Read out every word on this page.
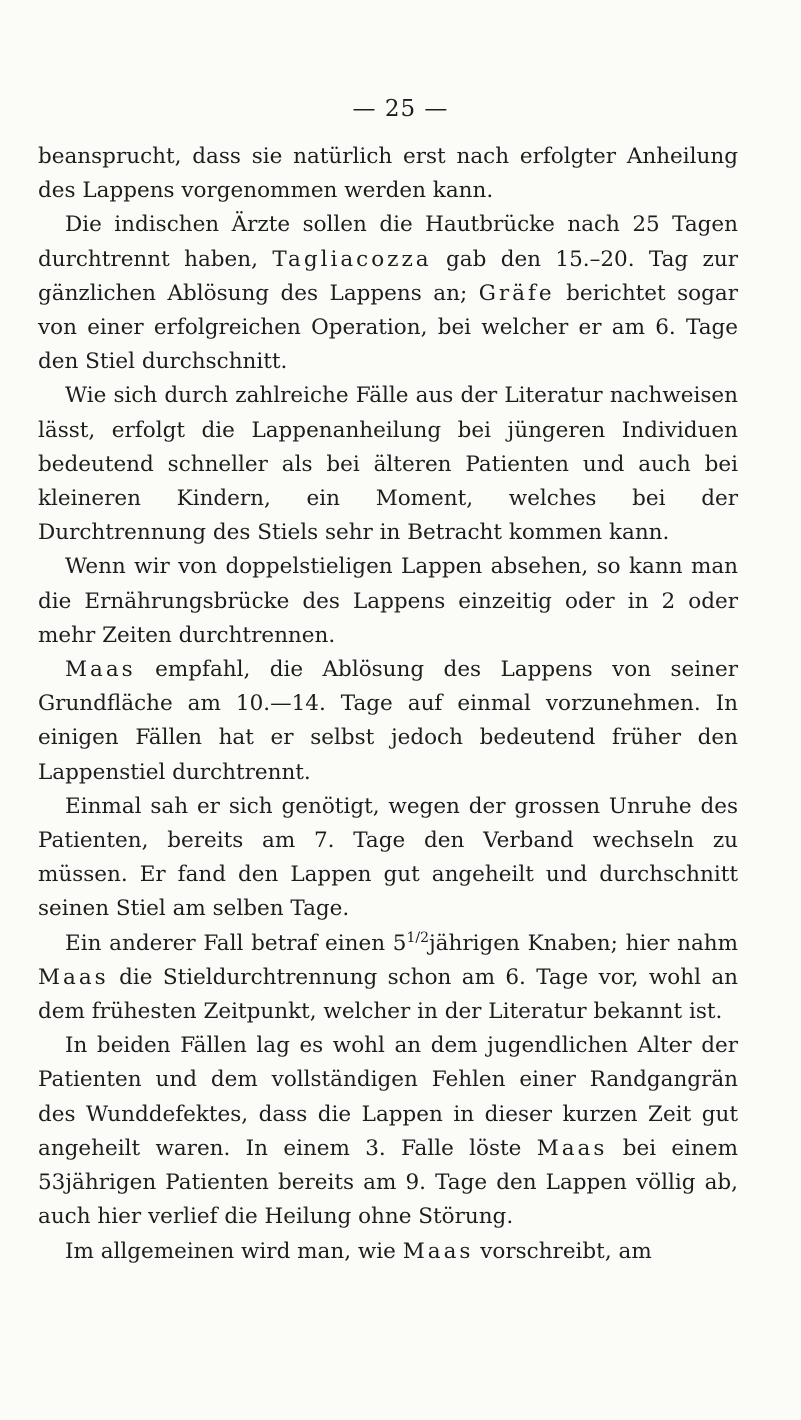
— 25 —

beansprucht, dass sie natürlich erst nach erfolgter Anheilung des Lappens vorgenommen werden kann.

Die indischen Ärzte sollen die Hautbrücke nach 25 Tagen durchtrennt haben, Tagliacozza gab den 15.–20. Tag zur gänzlichen Ablösung des Lappens an; Gräfe berichtet sogar von einer erfolgreichen Operation, bei welcher er am 6. Tage den Stiel durchschnitt.

Wie sich durch zahlreiche Fälle aus der Literatur nachweisen lässt, erfolgt die Lappenanheilung bei jüngeren Individuen bedeutend schneller als bei älteren Patienten und auch bei kleineren Kindern, ein Moment, welches bei der Durchtrennung des Stiels sehr in Betracht kommen kann.

Wenn wir von doppelstieligen Lappen absehen, so kann man die Ernährungsbrücke des Lappens einzeitig oder in 2 oder mehr Zeiten durchtrennen.

Maas empfahl, die Ablösung des Lappens von seiner Grundfläche am 10.—14. Tage auf einmal vorzunehmen. In einigen Fällen hat er selbst jedoch bedeutend früher den Lappenstiel durchtrennt.

Einmal sah er sich genötigt, wegen der grossen Unruhe des Patienten, bereits am 7. Tage den Verband wechseln zu müssen. Er fand den Lappen gut angeheilt und durchschnitt seinen Stiel am selben Tage.

Ein anderer Fall betraf einen $5^{1/2}jährigen$ Knaben; hier nahm Maas die Stieldurchtrennung schon am 6. Tage vor, wohl an dem frühesten Zeitpunkt, welcher in der Literatur bekannt ist.

In beiden Fällen lag es wohl an dem jugendlichen Alter der Patienten und dem vollständigen Fehlen einer Randgangrän des Wunddefektes, dass die Lappen in dieser kurzen Zeit gut angeheilt waren. In einem 3. Falle löste Maas bei einem 53jährigen Patienten bereits am 9. Tage den Lappen völlig ab, auch hier verlief die Heilung ohne Störung.

Im allgemeinen wird man, wie Maas vorschreibt, am
